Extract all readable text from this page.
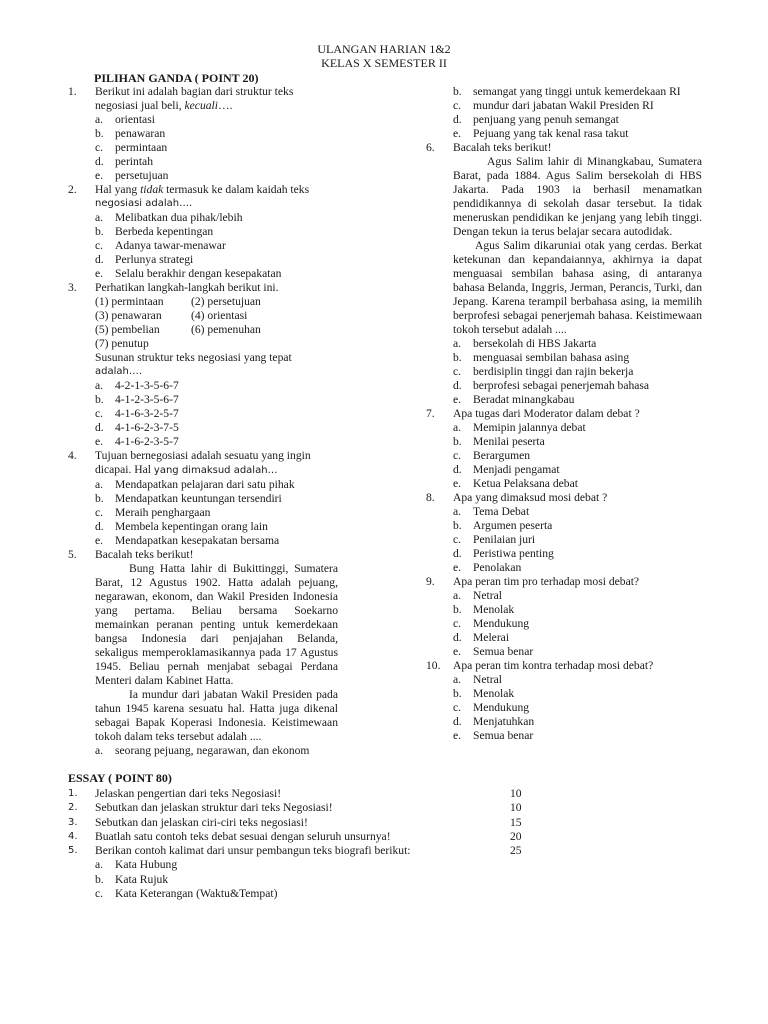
ULANGAN HARIAN 1&2
KELAS X SEMESTER II
PILIHAN GANDA ( POINT 20)
1. Berikut ini adalah bagian dari struktur teks
negosiasi jual beli, kecuali….
a. orientasi
b. penawaran
c. permintaan
d. perintah
e. persetujuan
2. Hal yang tidak termasuk ke dalam kaidah teks
negosiasi adalah….
a. Melibatkan dua pihak/lebih
b. Berbeda kepentingan
c. Adanya tawar-menawar
d. Perlunya strategi
e. Selalu berakhir dengan kesepakatan
3. Perhatikan langkah-langkah berikut ini.
(1) permintaan	(2) persetujuan
(3) penawaran	(4) orientasi
(5) pembelian	(6) pemenuhan
(7) penutup
Susunan struktur teks negosiasi yang tepat
adalah….
a. 4-2-1-3-5-6-7
b. 4-1-2-3-5-6-7
c. 4-1-6-3-2-5-7
d. 4-1-6-2-3-7-5
e. 4-1-6-2-3-5-7
4. Tujuan bernegosiasi adalah sesuatu yang ingin
dicapai. Hal yang dimaksud adalah…
a. Mendapatkan pelajaran dari satu pihak
b. Mendapatkan keuntungan tersendiri
c. Meraih penghargaan
d. Membela kepentingan orang lain
e. Mendapatkan kesepakatan bersama
5. Bacalah teks berikut!
Bung Hatta lahir di Bukittinggi, Sumatera Barat, 12 Agustus 1902. Hatta adalah pejuang, negarawan, ekonom, dan Wakil Presiden Indonesia yang pertama. Beliau bersama Soekarno memainkan peranan penting untuk kemerdekaan bangsa Indonesia dari penjajahan Belanda, sekaligus memperoklamasikannya pada 17 Agustus 1945. Beliau pernah menjabat sebagai Perdana Menteri dalam Kabinet Hatta.
Ia mundur dari jabatan Wakil Presiden pada tahun 1945 karena sesuatu hal. Hatta juga dikenal sebagai Bapak Koperasi Indonesia. Keistimewaan tokoh dalam teks tersebut adalah ....
a. seorang pejuang, negarawan, dan ekonom
b. semangat yang tinggi untuk kemerdekaan RI
c. mundur dari jabatan Wakil Presiden RI
d. penjuang yang penuh semangat
e. Pejuang yang tak kenal rasa takut
6. Bacalah teks berikut!
Agus Salim lahir di Minangkabau, Sumatera Barat, pada 1884. Agus Salim bersekolah di HBS Jakarta. Pada 1903 ia berhasil menamatkan pendidikannya di sekolah dasar tersebut. Ia tidak meneruskan pendidikan ke jenjang yang lebih tinggi. Dengan tekun ia terus belajar secara autodidak.
Agus Salim dikaruniai otak yang cerdas. Berkat ketekunan dan kepandaiannya, akhirnya ia dapat menguasai sembilan bahasa asing, di antaranya bahasa Belanda, Inggris, Jerman, Perancis, Turki, dan Jepang. Karena terampil berbahasa asing, ia memilih berprofesi sebagai penerjemah bahasa. Keistimewaan tokoh tersebut adalah ....
a. bersekolah di HBS Jakarta
b. menguasai sembilan bahasa asing
c. berdisiplin tinggi dan rajin bekerja
d. berprofesi sebagai penerjemah bahasa
e. Beradat minangkabau
7. Apa tugas dari Moderator dalam debat ?
a. Memipin jalannya debat
b. Menilai peserta
c. Berargumen
d. Menjadi pengamat
e. Ketua Pelaksana debat
8. Apa yang dimaksud mosi debat ?
a. Tema Debat
b. Argumen peserta
c. Penilaian juri
d. Peristiwa penting
e. Penolakan
9. Apa peran tim pro terhadap mosi debat?
a. Netral
b. Menolak
c. Mendukung
d. Melerai
e. Semua benar
10. Apa peran tim kontra terhadap mosi debat?
a. Netral
b. Menolak
c. Mendukung
d. Menjatuhkan
e. Semua benar
ESSAY ( POINT 80)
1. Jelaskan pengertian dari teks Negosiasi!	10
2. Sebutkan dan jelaskan struktur dari teks Negosiasi!	10
3. Sebutkan dan jelaskan ciri-ciri teks negosiasi!	15
4. Buatlah satu contoh teks debat sesuai dengan seluruh unsurnya!	20
5. Berikan contoh kalimat dari unsur pembangun teks biografi berikut:	25
a. Kata Hubung
b. Kata Rujuk
c. Kata Keterangan (Waktu&Tempat)
